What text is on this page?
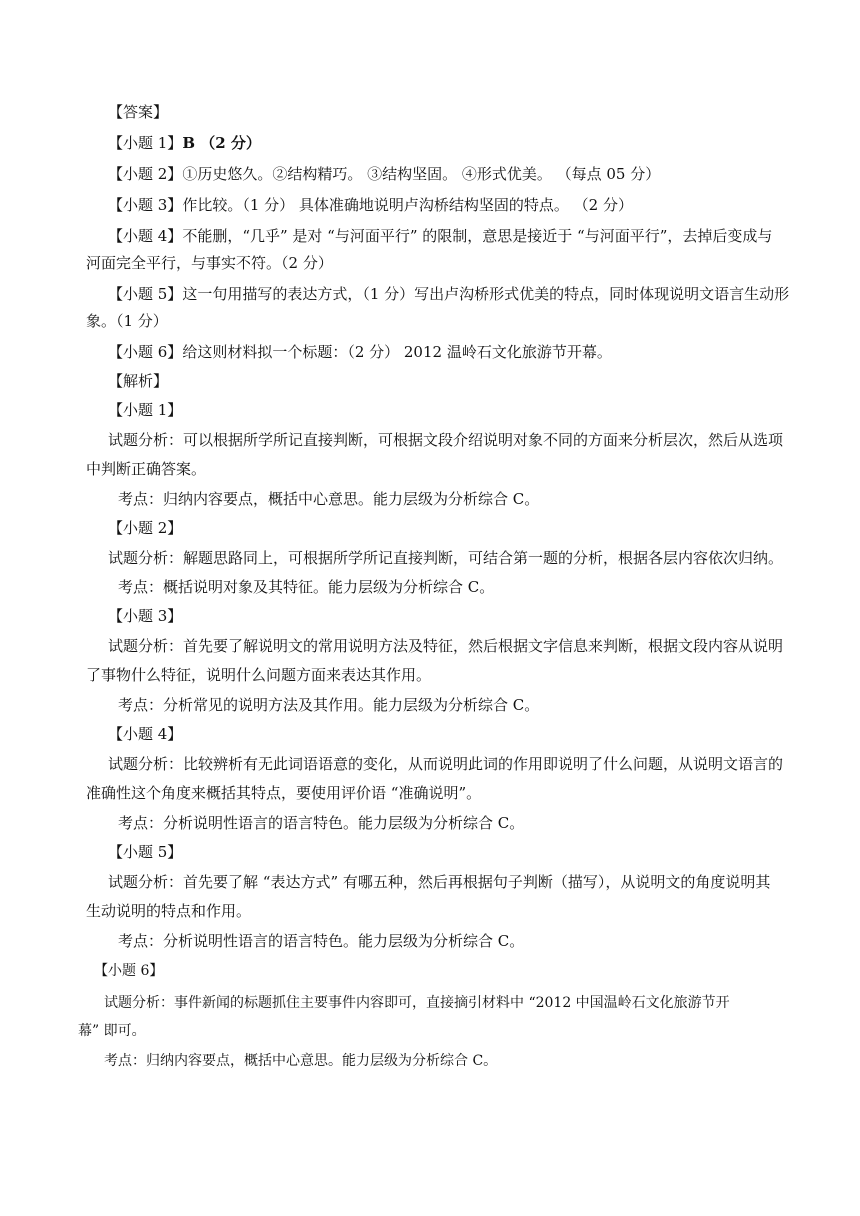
【答案】
【小题 1】B （2 分）
【小题 2】①历史悠久。②结构精巧。 ③结构坚固。 ④形式优美。 （每点 05 分）
【小题 3】作比较。（1 分） 具体准确地说明卢沟桥结构坚固的特点。 （2 分）
【小题 4】不能删，“几乎” 是对 “与河面平行” 的限制，意思是接近于 “与河面平行”，去掉后变成与
河面完全平行，与事实不符。（2 分）
【小题 5】这一句用描写的表达方式，（1 分）写出卢沟桥形式优美的特点，同时体现说明文语言生动形
象。（1 分）
【小题 6】给这则材料拟一个标题：（2 分） 2012 温岭石文化旅游节开幕。
【解析】
【小题 1】
试题分析：可以根据所学所记直接判断，可根据文段介绍说明对象不同的方面来分析层次，然后从选项
中判断正确答案。
考点：归纳内容要点，概括中心意思。能力层级为分析综合 C。
【小题 2】
试题分析：解题思路同上，可根据所学所记直接判断，可结合第一题的分析，根据各层内容依次归纳。
考点：概括说明对象及其特征。能力层级为分析综合 C。
【小题 3】
试题分析：首先要了解说明文的常用说明方法及特征，然后根据文字信息来判断，根据文段内容从说明
了事物什么特征，说明什么问题方面来表达其作用。
考点：分析常见的说明方法及其作用。能力层级为分析综合 C。
【小题 4】
试题分析：比较辨析有无此词语语意的变化，从而说明此词的作用即说明了什么问题，从说明文语言的
准确性这个角度来概括其特点，要使用评价语 “准确说明”。
考点：分析说明性语言的语言特色。能力层级为分析综合 C。
【小题 5】
试题分析：首先要了解 “表达方式” 有哪五种，然后再根据句子判断（描写），从说明文的角度说明其
生动说明的特点和作用。
考点：分析说明性语言的语言特色。能力层级为分析综合 C。
【小题 6】
试题分析：事件新闻的标题抓住主要事件内容即可，直接摘引材料中 “2012 中国温岭石文化旅游节开
幕” 即可。
考点：归纳内容要点，概括中心意思。能力层级为分析综合 C。
